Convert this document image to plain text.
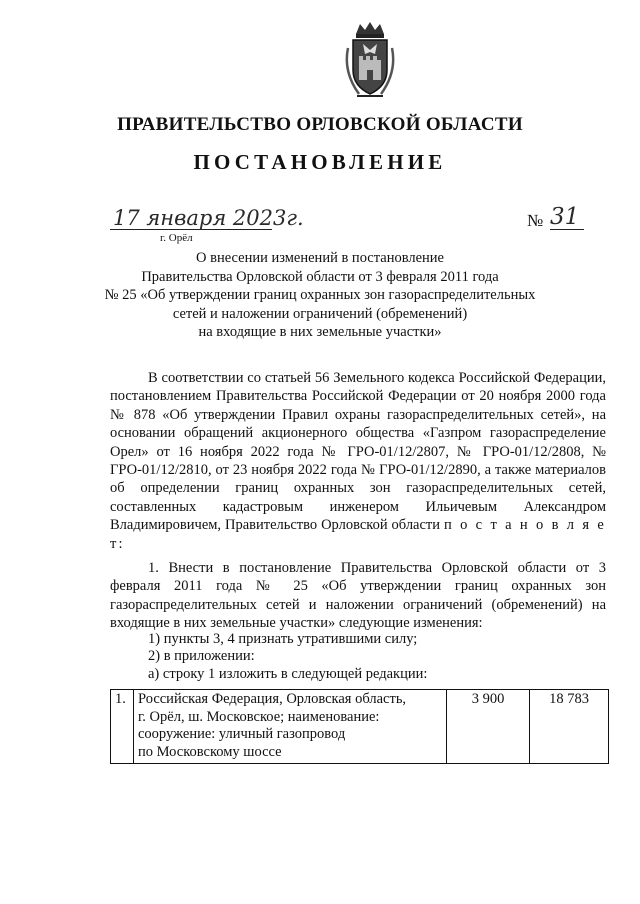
ПРАВИТЕЛЬСТВО ОРЛОВСКОЙ ОБЛАСТИ
ПОСТАНОВЛЕНИЕ
17 января 2023г.	№ 31
г. Орёл
О внесении изменений в постановление
Правительства Орловской области от 3 февраля 2011 года
№ 25 «Об утверждении границ охранных зон газораспределительных
сетей и наложении ограничений (обременений)
на входящие в них земельные участки»

В соответствии со статьей 56 Земельного кодекса Российской Федерации, постановлением Правительства Российской Федерации от 20 ноября 2000 года № 878 «Об утверждении Правил охраны газораспределительных сетей», на основании обращений акционерного общества «Газпром газораспределение Орел» от 16 ноября 2022 года № ГРО-01/12/2807, № ГРО-01/12/2808, № ГРО-01/12/2810, от 23 ноября 2022 года № ГРО-01/12/2890, а также материалов об определении границ охранных зон газораспределительных сетей, составленных кадастровым инженером Ильичевым Александром Владимировичем, Правительство Орловской области п о с т а н о в л я е т:

1. Внести в постановление Правительства Орловской области от 3 февраля 2011 года № 25 «Об утверждении границ охранных зон газораспределительных сетей и наложении ограничений (обременений) на входящие в них земельные участки» следующие изменения:

1) пункты 3, 4 признать утратившими силу;
2) в приложении:
а) строку 1 изложить в следующей редакции:
1.	Российская Федерация, Орловская область,
г. Орёл, ш. Московское; наименование:
сооружение: уличный газопровод
по Московскому шоссе
	3 900	18 783
